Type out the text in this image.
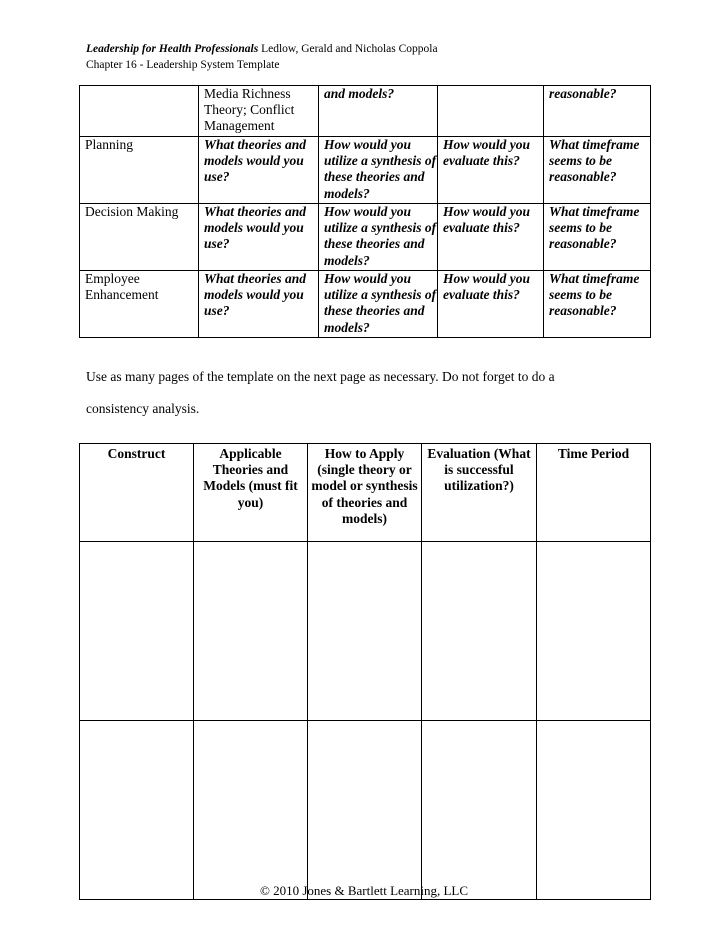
Leadership for Health Professionals Ledlow, Gerald and Nicholas Coppola
Chapter 16 - Leadership System Template
	Media Richness Theory; Conflict Management	and models?		reasonable?
Planning	What theories and models would you use?	How would you utilize a synthesis of these theories and models?	How would you evaluate this?	What timeframe seems to be reasonable?
Decision Making	What theories and models would you use?	How would you utilize a synthesis of these theories and models?	How would you evaluate this?	What timeframe seems to be reasonable?
Employee Enhancement	What theories and models would you use?	How would you utilize a synthesis of these theories and models?	How would you evaluate this?	What timeframe seems to be reasonable?
Use as many pages of the template on the next page as necessary. Do not forget to do a
consistency analysis.
Construct	Applicable Theories and Models (must fit you)	How to Apply (single theory or model or synthesis of theories and models)	Evaluation (What is successful utilization?)	Time Period

© 2010 Jones & Bartlett Learning, LLC
